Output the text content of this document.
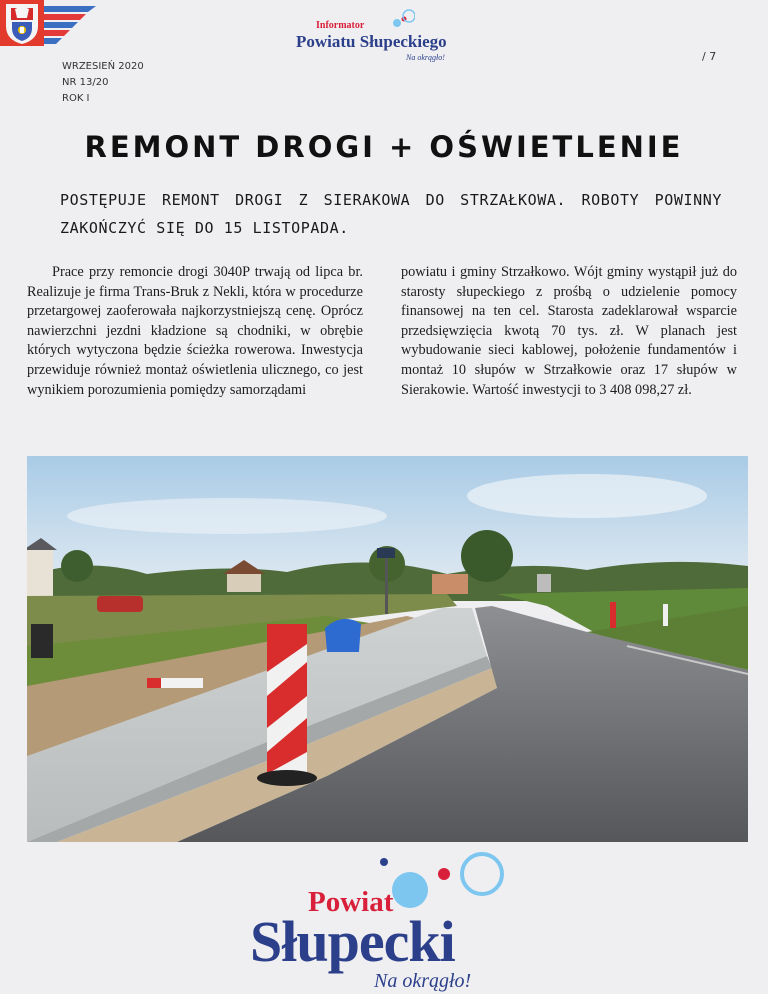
Informator
Powiatu Słupeckiego
Na okrągło!
WRZESIEŃ 2020
NR 13/20
ROK I
/ 7
REMONT DROGI + OŚWIETLENIE
POSTĘPUJE REMONT DROGI Z SIERAKOWA DO STRZAŁKOWA. ROBOTY POWINNY ZAKOŃCZYĆ SIĘ DO 15 LISTOPADA.
Prace przy remoncie drogi 3040P trwają od lipca br. Realizuje je firma Trans-Bruk z Nekli, która w procedurze przetargowej zaoferowała najkorzystniejszą cenę. Oprócz nawierzchni jezdni kładzione są chodniki, w obrębie których wytyczona będzie ścieżka rowerowa. Inwestycja przewiduje również montaż oświetlenia ulicznego, co jest wynikiem porozumienia pomiędzy samorządami
powiatu i gminy Strzałkowo. Wójt gminy wystąpił już do starosty słupeckiego z prośbą o udzielenie pomocy finansowej na ten cel. Starosta zadeklarował wsparcie przedsięwzięcia kwotą 70 tys. zł. W planach jest wybudowanie sieci kablowej, położenie fundamentów i montaż 10 słupów w Strzałkowie oraz 17 słupów w Sierakowie. Wartość inwestycji to 3 408 098,27 zł.
Powiat
Słupecki
Na okrągło!
